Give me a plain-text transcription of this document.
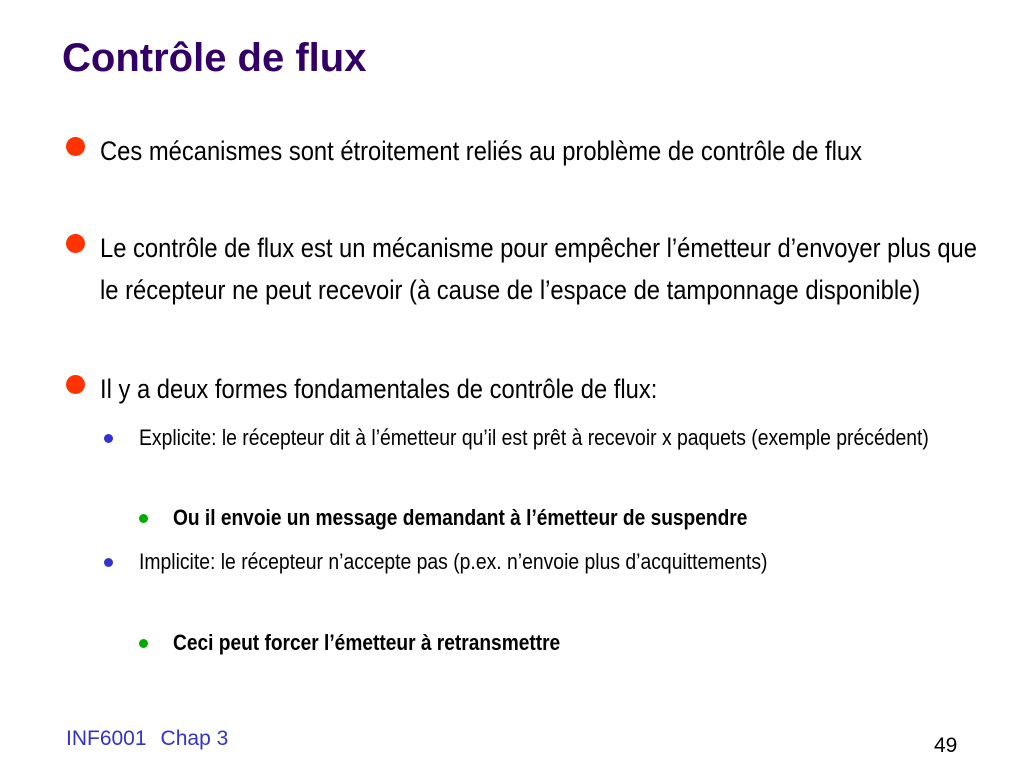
Contrôle de flux

Ces mécanismes sont étroitement reliés au problème de contrôle de flux

Le contrôle de flux est un mécanisme pour empêcher l’émetteur d’envoyer plus que le récepteur ne peut recevoir (à cause de l’espace de tamponnage disponible)

Il y a deux formes fondamentales de contrôle de flux:

Explicite: le récepteur dit à l’émetteur qu’il est prêt à recevoir x paquets (exemple précédent)

Ou il envoie un message demandant à l’émetteur de suspendre

Implicite: le récepteur n’accepte pas (p.ex. n’envoie plus d’acquittements)

Ceci peut forcer l’émetteur à retransmettre

INF6001 Chap 3	49
